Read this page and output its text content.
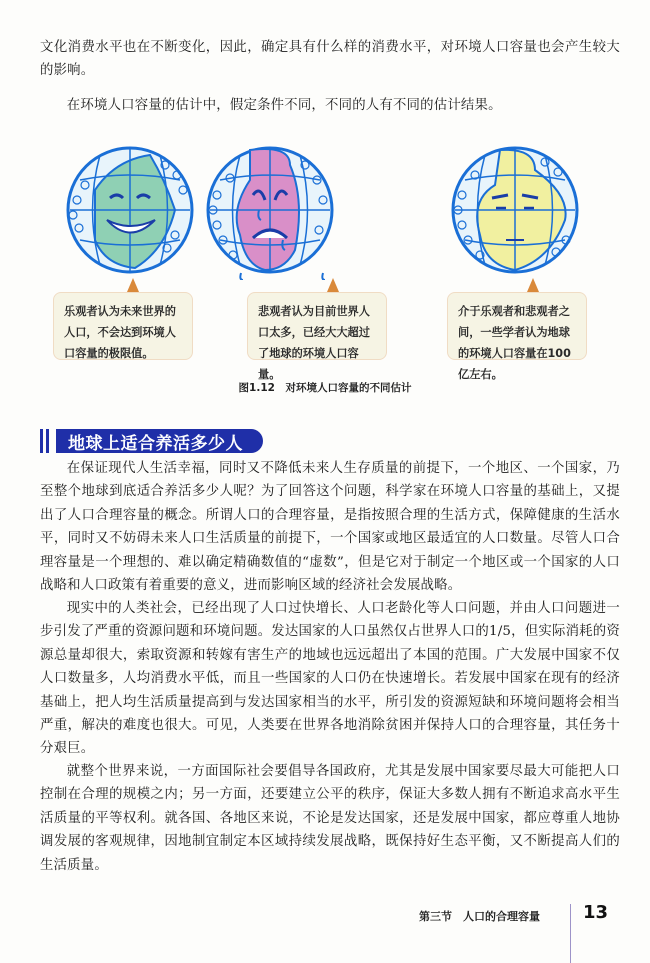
文化消费水平也在不断变化，因此，确定具有什么样的消费水平，对环境人口容量也会产生较大的影响。

在环境人口容量的估计中，假定条件不同，不同的人有不同的估计结果。

乐观者认为未来世界的人口，不会达到环境人口容量的极限值。
悲观者认为目前世界人口太多，已经大大超过了地球的环境人口容量。
介于乐观者和悲观者之间，一些学者认为地球的环境人口容量在100亿左右。
图1.12　对环境人口容量的不同估计
地球上适合养活多少人

在保证现代人生活幸福，同时又不降低未来人生存质量的前提下，一个地区、一个国家，乃至整个地球到底适合养活多少人呢？为了回答这个问题，科学家在环境人口容量的基础上，又提出了人口合理容量的概念。所谓人口的合理容量，是指按照合理的生活方式，保障健康的生活水平，同时又不妨碍未来人口生活质量的前提下，一个国家或地区最适宜的人口数量。尽管人口合理容量是一个理想的、难以确定精确数值的“虚数”，但是它对于制定一个地区或一个国家的人口战略和人口政策有着重要的意义，进而影响区域的经济社会发展战略。

现实中的人类社会，已经出现了人口过快增长、人口老龄化等人口问题，并由人口问题进一步引发了严重的资源问题和环境问题。发达国家的人口虽然仅占世界人口的1/5，但实际消耗的资源总量却很大，索取资源和转嫁有害生产的地域也远远超出了本国的范围。广大发展中国家不仅人口数量多，人均消费水平低，而且一些国家的人口仍在快速增长。若发展中国家在现有的经济基础上，把人均生活质量提高到与发达国家相当的水平，所引发的资源短缺和环境问题将会相当严重，解决的难度也很大。可见，人类要在世界各地消除贫困并保持人口的合理容量，其任务十分艰巨。

就整个世界来说，一方面国际社会要倡导各国政府，尤其是发展中国家要尽最大可能把人口控制在合理的规模之内；另一方面，还要建立公平的秩序，保证大多数人拥有不断追求高水平生活质量的平等权利。就各国、各地区来说，不论是发达国家，还是发展中国家，都应尊重人地协调发展的客观规律，因地制宜制定本区域持续发展战略，既保持好生态平衡，又不断提高人们的生活质量。

第三节　人口的合理容量 13
